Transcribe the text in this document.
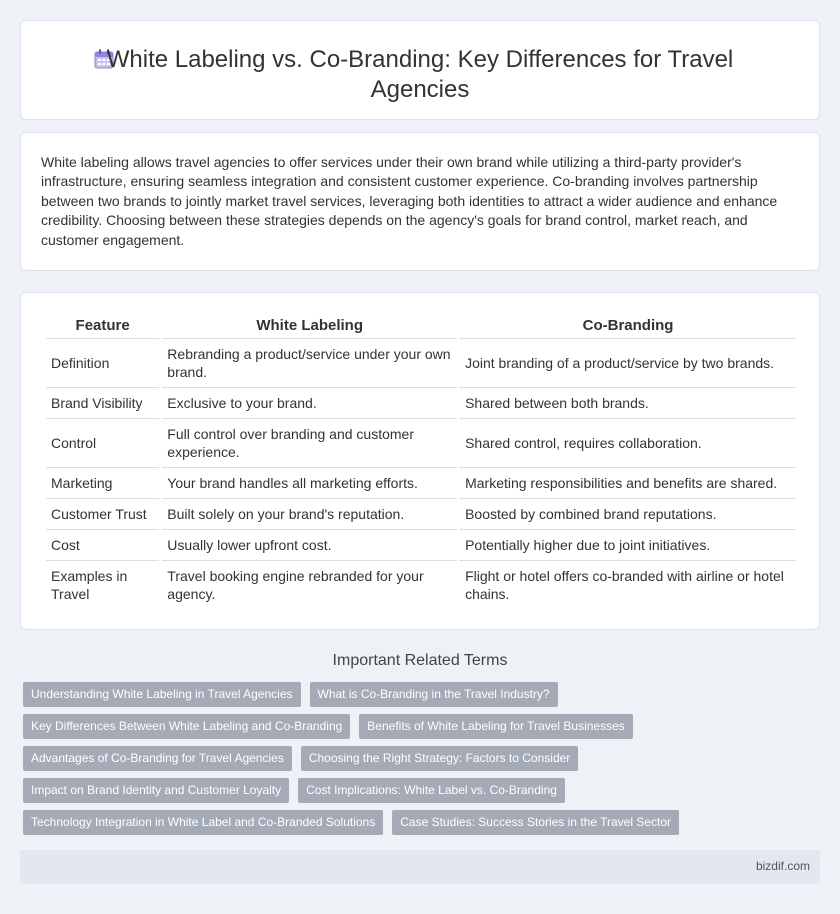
White Labeling vs. Co-Branding: Key Differences for Travel Agencies

White labeling allows travel agencies to offer services under their own brand while utilizing a third-party provider's infrastructure, ensuring seamless integration and consistent customer experience. Co-branding involves partnership between two brands to jointly market travel services, leveraging both identities to attract a wider audience and enhance credibility. Choosing between these strategies depends on the agency's goals for brand control, market reach, and customer engagement.

Feature	White Labeling	Co-Branding
Definition	Rebranding a product/service under your own brand.	Joint branding of a product/service by two brands.
Brand Visibility	Exclusive to your brand.	Shared between both brands.
Control	Full control over branding and customer experience.	Shared control, requires collaboration.
Marketing	Your brand handles all marketing efforts.	Marketing responsibilities and benefits are shared.
Customer Trust	Built solely on your brand's reputation.	Boosted by combined brand reputations.
Cost	Usually lower upfront cost.	Potentially higher due to joint initiatives.
Examples in Travel	Travel booking engine rebranded for your agency.	Flight or hotel offers co-branded with airline or hotel chains.
Important Related Terms
Understanding White Labeling in Travel Agencies	What is Co-Branding in the Travel Industry?
Key Differences Between White Labeling and Co-Branding	Benefits of White Labeling for Travel Businesses
Advantages of Co-Branding for Travel Agencies	Choosing the Right Strategy: Factors to Consider
Impact on Brand Identity and Customer Loyalty	Cost Implications: White Label vs. Co-Branding
Technology Integration in White Label and Co-Branded Solutions	Case Studies: Success Stories in the Travel Sector
bizdif.com
